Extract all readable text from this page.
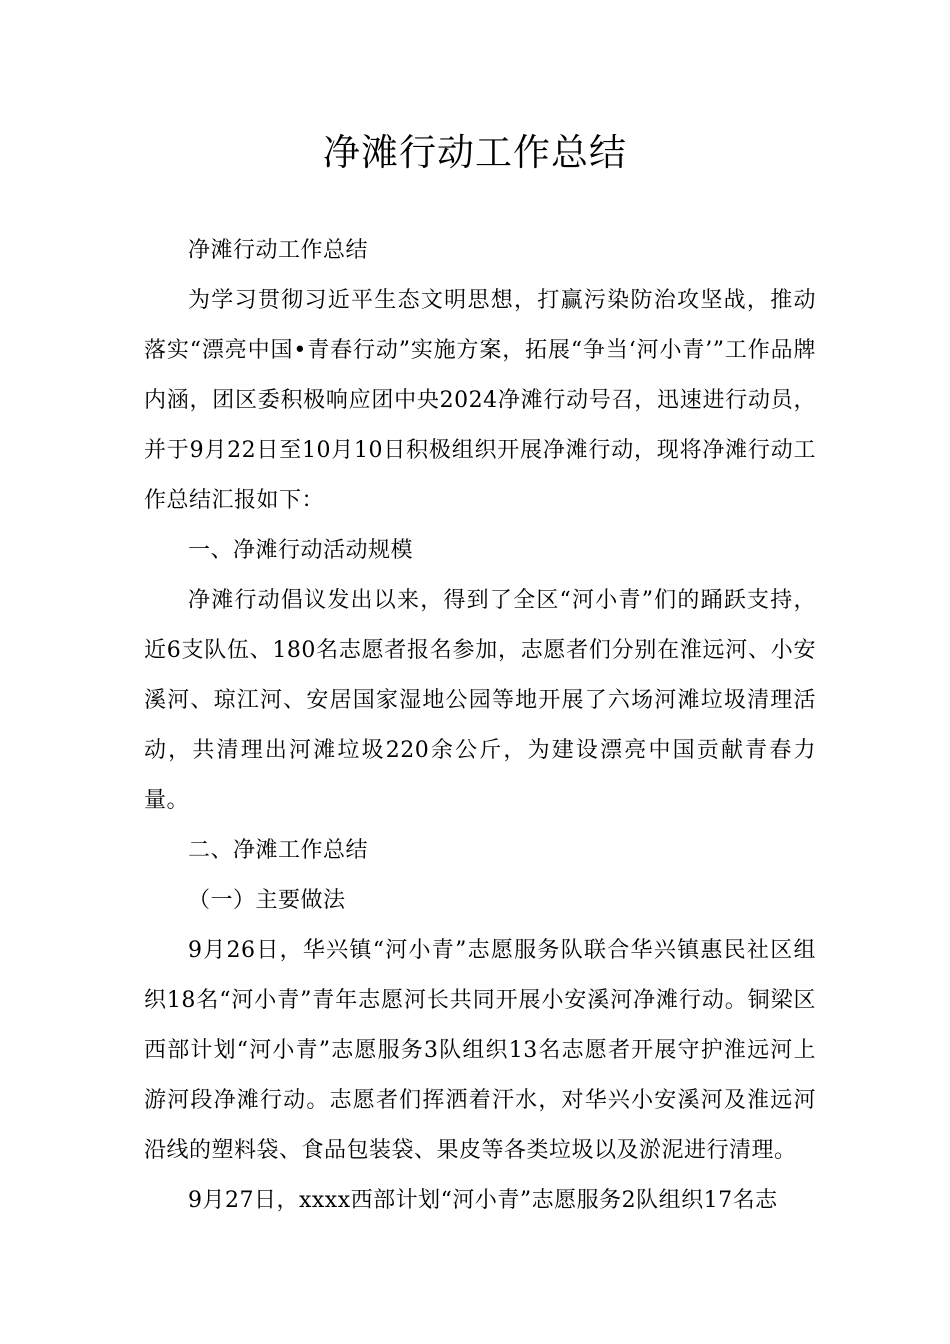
净滩行动工作总结

净滩行动工作总结

为学习贯彻习近平生态文明思想，打赢污染防治攻坚战，推动落实“漂亮中国•青春行动”实施方案，拓展“争当‘河小青’”工作品牌内涵，团区委积极响应团中央2024净滩行动号召，迅速进行动员，并于9月22日至10月10日积极组织开展净滩行动，现将净滩行动工作总结汇报如下：

一、净滩行动活动规模

净滩行动倡议发出以来，得到了全区“河小青”们的踊跃支持，近6支队伍、180名志愿者报名参加，志愿者们分别在淮远河、小安溪河、琼江河、安居国家湿地公园等地开展了六场河滩垃圾清理活动，共清理出河滩垃圾220余公斤，为建设漂亮中国贡献青春力量。

二、净滩工作总结

（一）主要做法

9月26日，华兴镇“河小青”志愿服务队联合华兴镇惠民社区组织18名“河小青”青年志愿河长共同开展小安溪河净滩行动。铜梁区西部计划“河小青”志愿服务3队组织13名志愿者开展守护淮远河上游河段净滩行动。志愿者们挥洒着汗水，对华兴小安溪河及淮远河沿线的塑料袋、食品包装袋、果皮等各类垃圾以及淤泥进行清理。

9月27日，xxxx西部计划“河小青”志愿服务2队组织17名志
